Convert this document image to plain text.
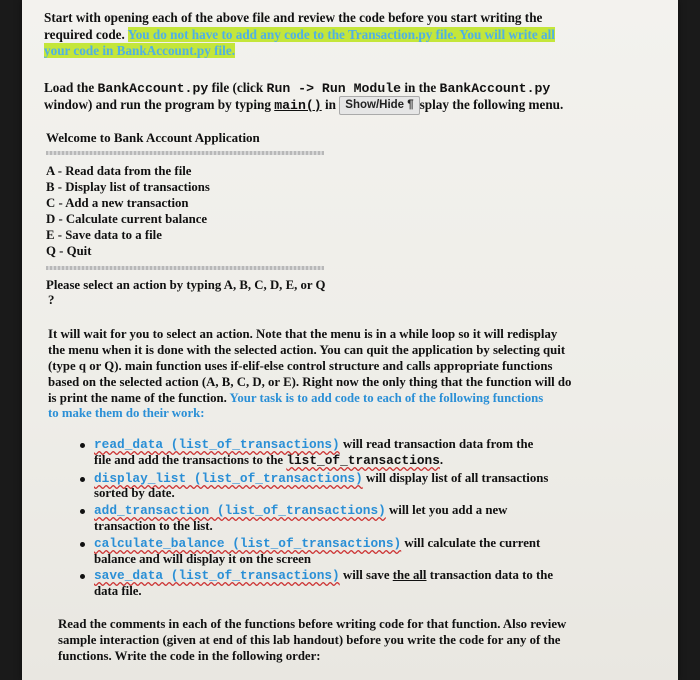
Start with opening each of the above file and review the code before you start writing the
required code. You do not have to add any code to the Transaction.py file. You will write all
your code in BankAccount.py file.
Load the BankAccount.py file (click Run -> Run Module in the BankAccount.py
window) and run the program by typing main() in Show/Hide ¶ splay the following menu.
Welcome to Bank Account Application
A - Read data from the file
B - Display list of transactions
C - Add a new transaction
D - Calculate current balance
E - Save data to a file
Q - Quit
Please select an action by typing A, B, C, D, E, or Q
?
It will wait for you to select an action. Note that the menu is in a while loop so it will redisplay
the menu when it is done with the selected action. You can quit the application by selecting quit
(type q or Q). main function uses if-elif-else control structure and calls appropriate functions
based on the selected action (A, B, C, D, or E). Right now the only thing that the function will do
is print the name of the function. Your task is to add code to each of the following functions
to make them do their work:
read_data (list_of_transactions) will read transaction data from the
file and add the transactions to the list_of_transactions.
display_list (list_of_transactions) will display list of all transactions
sorted by date.
add_transaction (list_of_transactions) will let you add a new
transaction to the list.
calculate_balance (list_of_transactions) will calculate the current
balance and will display it on the screen
save_data (list_of_transactions) will save the all transaction data to the
data file.
Read the comments in each of the functions before writing code for that function. Also review
sample interaction (given at end of this lab handout) before you write the code for any of the
functions. Write the code in the following order:
